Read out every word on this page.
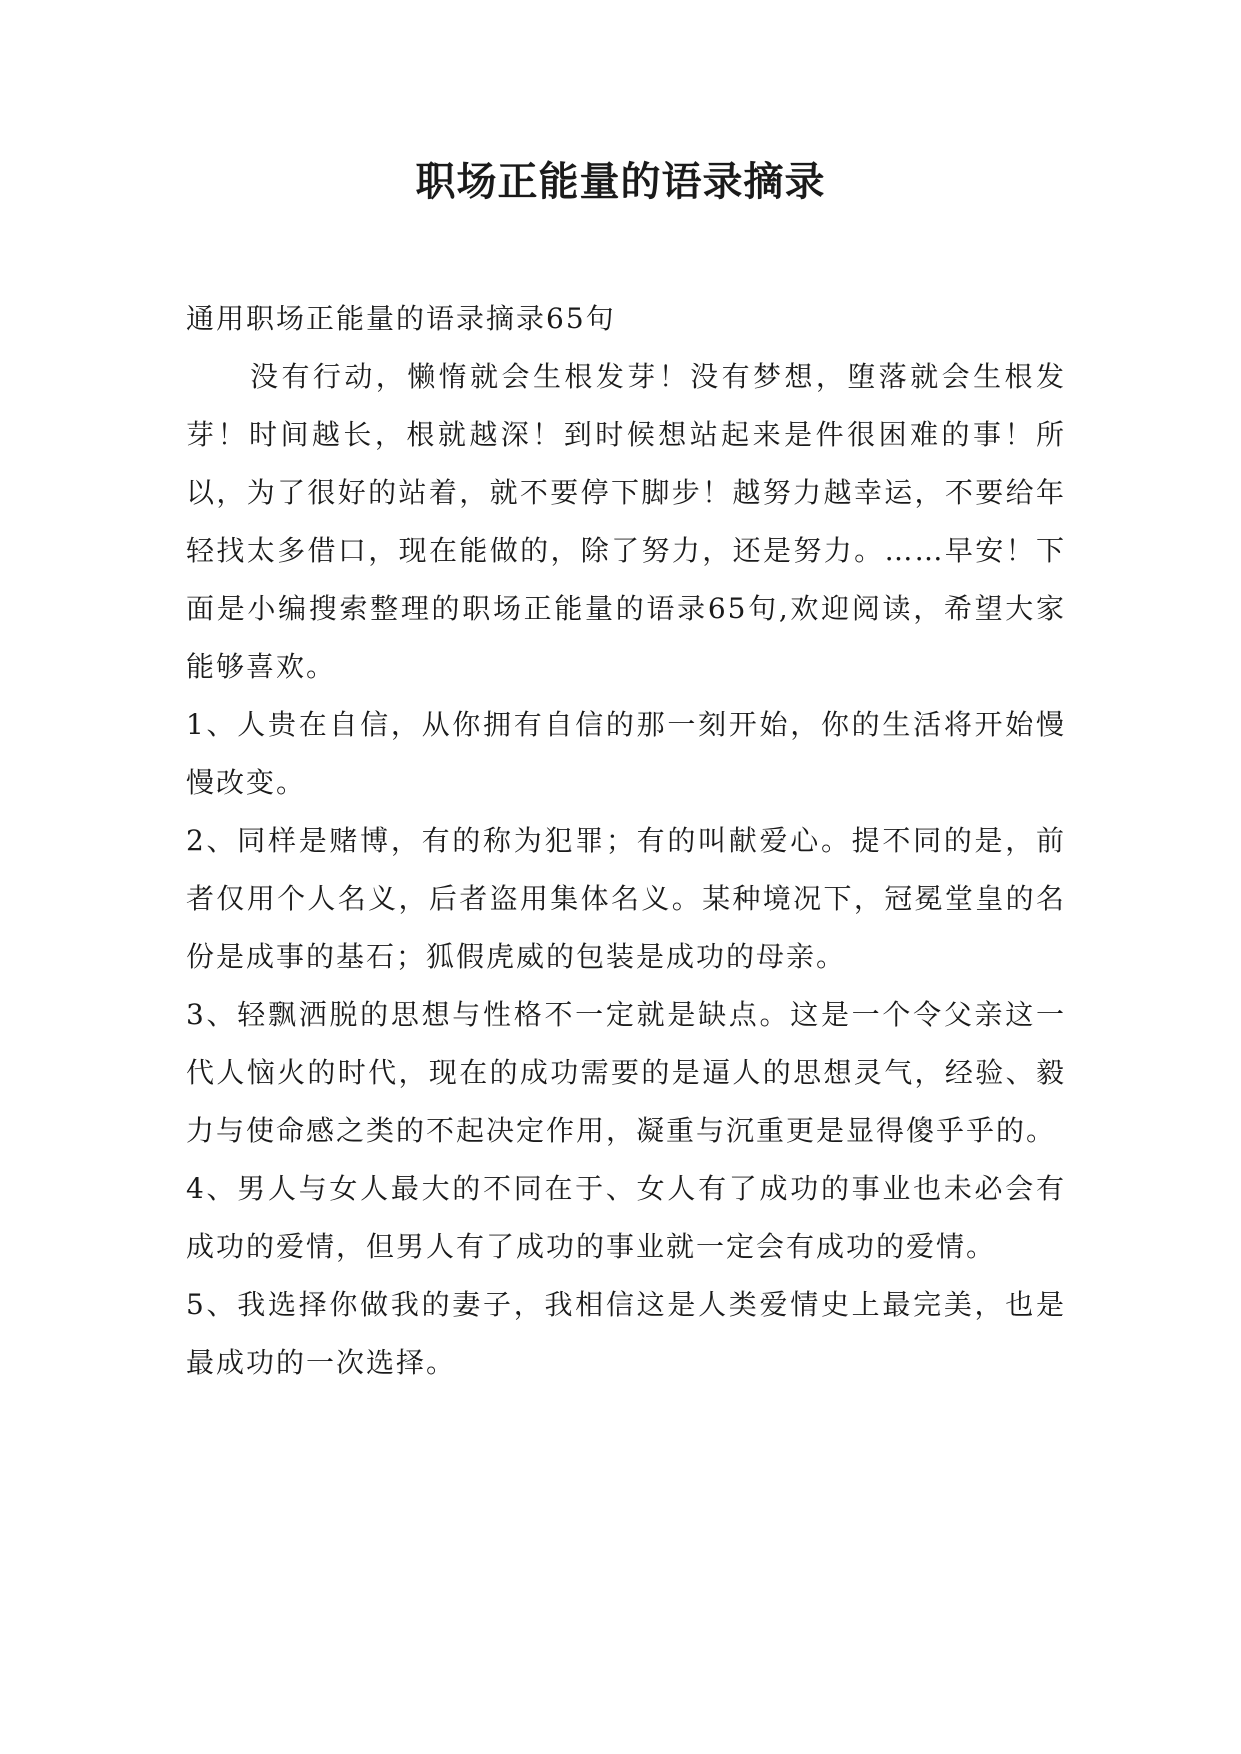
职场正能量的语录摘录

通用职场正能量的语录摘录65句

没有行动，懒惰就会生根发芽！没有梦想，堕落就会生根发芽！时间越长，根就越深！到时候想站起来是件很困难的事！所以，为了很好的站着，就不要停下脚步！越努力越幸运，不要给年轻找太多借口，现在能做的，除了努力，还是努力。……早安！下面是小编搜索整理的职场正能量的语录65句,欢迎阅读，希望大家能够喜欢。

1、人贵在自信，从你拥有自信的那一刻开始，你的生活将开始慢慢改变。

2、同样是赌博，有的称为犯罪；有的叫献爱心。提不同的是，前者仅用个人名义，后者盗用集体名义。某种境况下，冠冕堂皇的名份是成事的基石；狐假虎威的包装是成功的母亲。

3、轻飘洒脱的思想与性格不一定就是缺点。这是一个令父亲这一代人恼火的时代，现在的成功需要的是逼人的思想灵气，经验、毅力与使命感之类的不起决定作用，凝重与沉重更是显得傻乎乎的。

4、男人与女人最大的不同在于、女人有了成功的事业也未必会有成功的爱情，但男人有了成功的事业就一定会有成功的爱情。

5、我选择你做我的妻子，我相信这是人类爱情史上最完美，也是最成功的一次选择。
